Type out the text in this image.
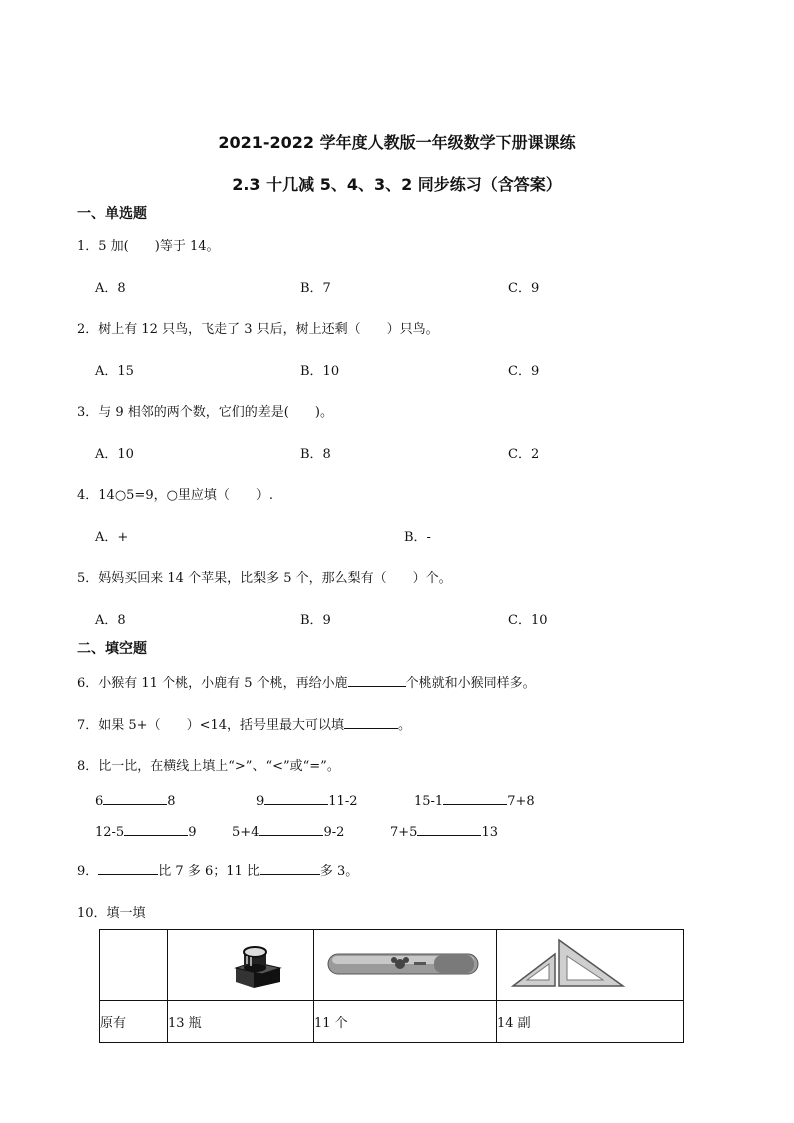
2021-2022 学年度人教版一年级数学下册课课练
2.3 十几减 5、4、3、2 同步练习（含答案）
一、单选题
1．5 加(　　)等于 14。
A．8	B．7	C．9
2．树上有 12 只鸟，飞走了 3 只后，树上还剩（　　）只鸟。
A．15	B．10	C．9
3．与 9 相邻的两个数，它们的差是(　　)。
A．10	B．8	C．2
4．14○5=9，○里应填（　　）.
A．+	B．-
5．妈妈买回来 14 个苹果，比梨多 5 个，那么梨有（　　）个。
A．8	B．9	C．10
二、填空题
6．小猴有 11 个桃，小鹿有 5 个桃，再给小鹿	个桃就和小猴同样多。
7．如果 5+（　　）<14，括号里最大可以填	。
8．比一比，在横线上填上“>”、“<”或“=”。
6	8	9	11-2	15-1	7+8
12-5	9	5+4	9-2	7+5	13
9．	比 7 多 6；11 比	多 3。
10．填一填

原有	13 瓶	11 个	14 副
